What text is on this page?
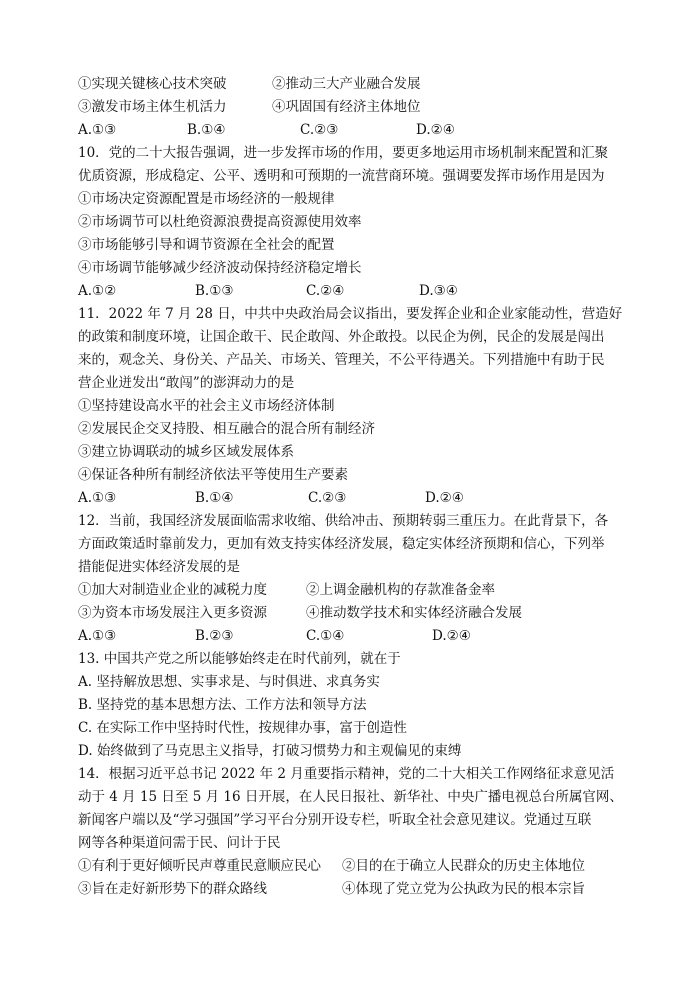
①实现关键核心技术突破	②推动三大产业融合发展
③激发市场主体生机活力	④巩固国有经济主体地位
A.①③	B.①④	C.②③	D.②④
10．党的二十大报告强调，进一步发挥市场的作用，要更多地运用市场机制来配置和汇聚
优质资源，形成稳定、公平、透明和可预期的一流营商环境。强调要发挥市场作用是因为
①市场决定资源配置是市场经济的一般规律
②市场调节可以杜绝资源浪费提高资源使用效率
③市场能够引导和调节资源在全社会的配置
④市场调节能够减少经济波动保持经济稳定增长
A.①②	B.①③	C.②④	D.③④
11．2022 年 7 月 28 日，中共中央政治局会议指出，要发挥企业和企业家能动性，营造好
的政策和制度环境，让国企敢干、民企敢闯、外企敢投。以民企为例，民企的发展是闯出
来的，观念关、身份关、产品关、市场关、管理关，不公平待遇关。下列措施中有助于民
营企业迸发出“敢闯”的澎湃动力的是
①坚持建设高水平的社会主义市场经济体制
②发展民企交叉持股、相互融合的混合所有制经济
③建立协调联动的城乡区域发展体系
④保证各种所有制经济依法平等使用生产要素
A.①③	B.①④	C.②③	D.②④
12．当前，我国经济发展面临需求收缩、供给冲击、预期转弱三重压力。在此背景下，各
方面政策适时靠前发力，更加有效支持实体经济发展，稳定实体经济预期和信心，下列举
措能促进实体经济发展的是
①加大对制造业企业的减税力度	②上调金融机构的存款准备金率
③为资本市场发展注入更多资源	④推动数学技术和实体经济融合发展
A.①③	B.②③	C.①④	D.②④
13. 中国共产党之所以能够始终走在时代前列，就在于
A. 坚持解放思想、实事求是、与时俱进、求真务实
B. 坚持党的基本思想方法、工作方法和领导方法
C. 在实际工作中坚持时代性，按规律办事，富于创造性
D. 始终做到了马克思主义指导，打破习惯势力和主观偏见的束缚
14．根据习近平总书记 2022 年 2 月重要指示精神，党的二十大相关工作网络征求意见活
动于 4 月 15 日至 5 月 16 日开展，在人民日报社、新华社、中央广播电视总台所属官网、
新闻客户端以及“学习强国”学习平台分别开设专栏，听取全社会意见建议。党通过互联
网等各种渠道问需于民、问计于民
①有利于更好倾听民声尊重民意顺应民心 ②目的在于确立人民群众的历史主体地位
③旨在走好新形势下的群众路线	④体现了党立党为公执政为民的根本宗旨
